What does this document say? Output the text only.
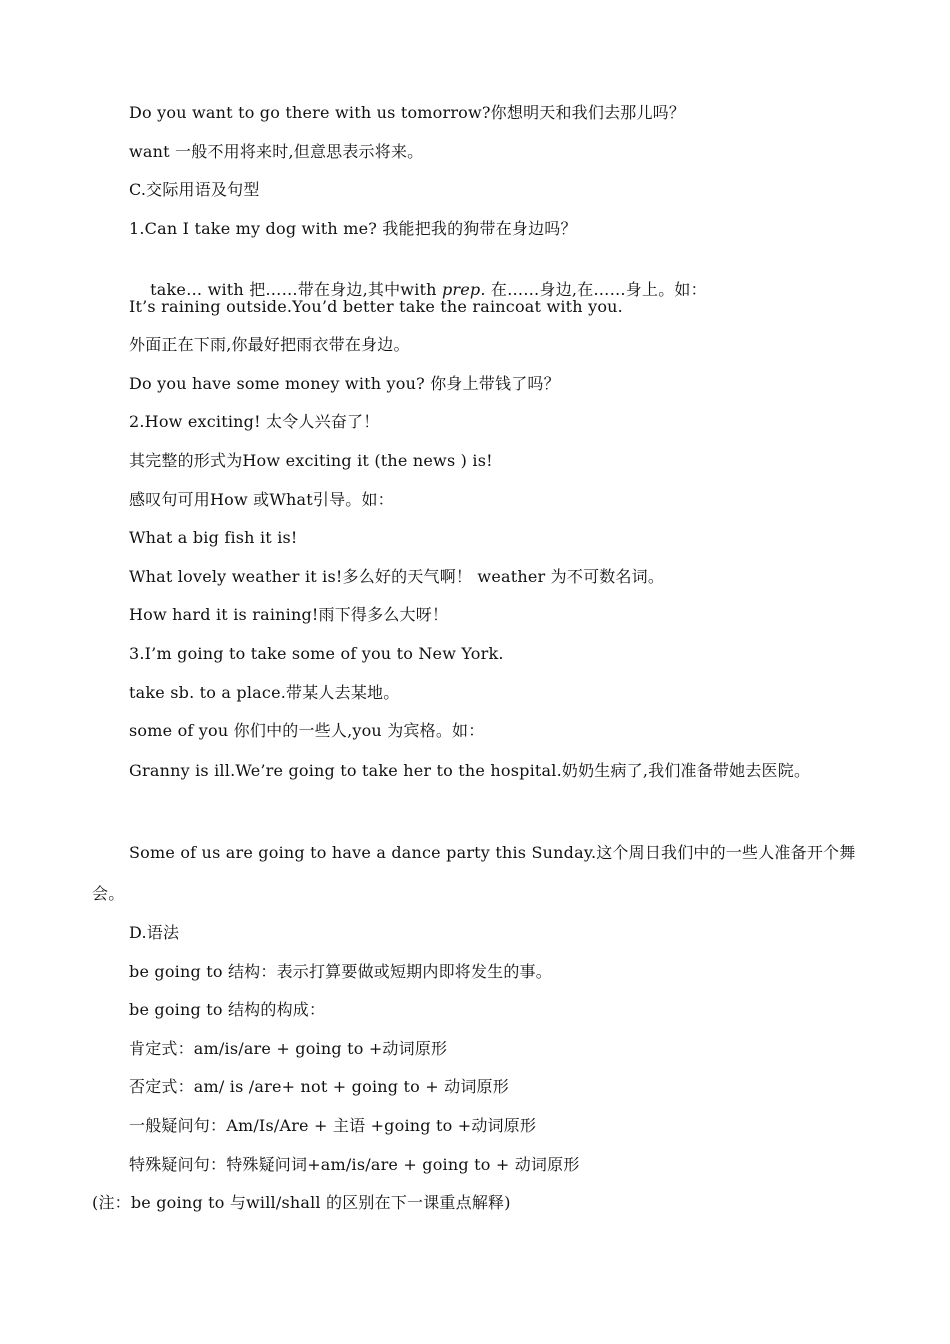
Do you want to go there with us tomorrow?你想明天和我们去那儿吗？
want 一般不用将来时,但意思表示将来。
C.交际用语及句型
1.Can I take my dog with me? 我能把我的狗带在身边吗？

take… with 把……带在身边,其中with prep. 在……身边,在……身上。如：

It’s raining outside.You’d better take the raincoat with you.
外面正在下雨,你最好把雨衣带在身边。
Do you have some money with you? 你身上带钱了吗？
2.How exciting! 太令人兴奋了！
其完整的形式为How exciting it (the news ) is!
感叹句可用How 或What引导。如：
What a big fish it is!
What lovely weather it is!多么好的天气啊！ weather 为不可数名词。
How hard it is raining!雨下得多么大呀！
3.I’m going to take some of you to New York.
take sb. to a place.带某人去某地。
some of you 你们中的一些人,you 为宾格。如：
Granny is ill.We’re going to take her to the hospital.奶奶生病了,我们准备带她去医院。
Some of us are going to have a dance party this Sunday.这个周日我们中的一些人准备开个舞会。
D.语法
be going to 结构：表示打算要做或短期内即将发生的事。
be going to 结构的构成：
肯定式：am/is/are + going to +动词原形
否定式：am/ is /are+ not + going to + 动词原形
一般疑问句：Am/Is/Are + 主语 +going to +动词原形
特殊疑问句：特殊疑问词+am/is/are + going to + 动词原形
(注：be going to 与will/shall 的区别在下一课重点解释)
